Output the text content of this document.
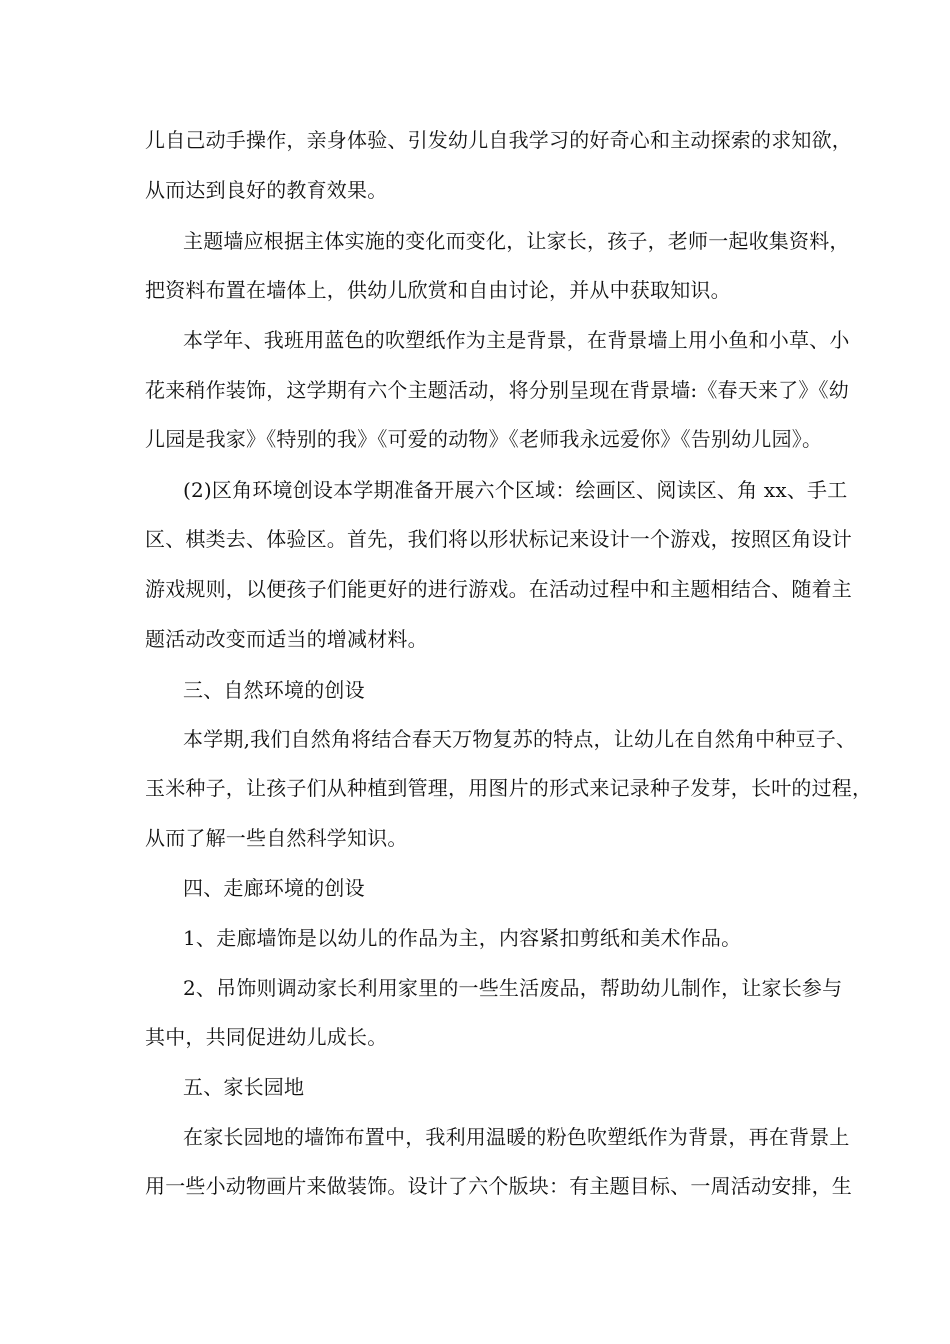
儿自己动手操作，亲身体验、引发幼儿自我学习的好奇心和主动探索的求知欲，
从而达到良好的教育效果。
主题墙应根据主体实施的变化而变化，让家长，孩子，老师一起收集资料，
把资料布置在墙体上，供幼儿欣赏和自由讨论，并从中获取知识。
本学年、我班用蓝色的吹塑纸作为主是背景，在背景墙上用小鱼和小草、小
花来稍作装饰，这学期有六个主题活动，将分别呈现在背景墙:《春天来了》《幼
儿园是我家》《特别的我》《可爱的动物》《老师我永远爱你》《告别幼儿园》。
(2)区角环境创设本学期准备开展六个区域：绘画区、阅读区、角 xx、手工
区、棋类去、体验区。首先，我们将以形状标记来设计一个游戏，按照区角设计
游戏规则，以便孩子们能更好的进行游戏。在活动过程中和主题相结合、随着主
题活动改变而适当的增减材料。
三、自然环境的创设
本学期,我们自然角将结合春天万物复苏的特点，让幼儿在自然角中种豆子、
玉米种子，让孩子们从种植到管理，用图片的形式来记录种子发芽，长叶的过程，
从而了解一些自然科学知识。
四、走廊环境的创设
1、走廊墙饰是以幼儿的作品为主，内容紧扣剪纸和美术作品。
2、吊饰则调动家长利用家里的一些生活废品，帮助幼儿制作，让家长参与
其中，共同促进幼儿成长。
五、家长园地
在家长园地的墙饰布置中，我利用温暖的粉色吹塑纸作为背景，再在背景上
用一些小动物画片来做装饰。设计了六个版块：有主题目标、一周活动安排，生
